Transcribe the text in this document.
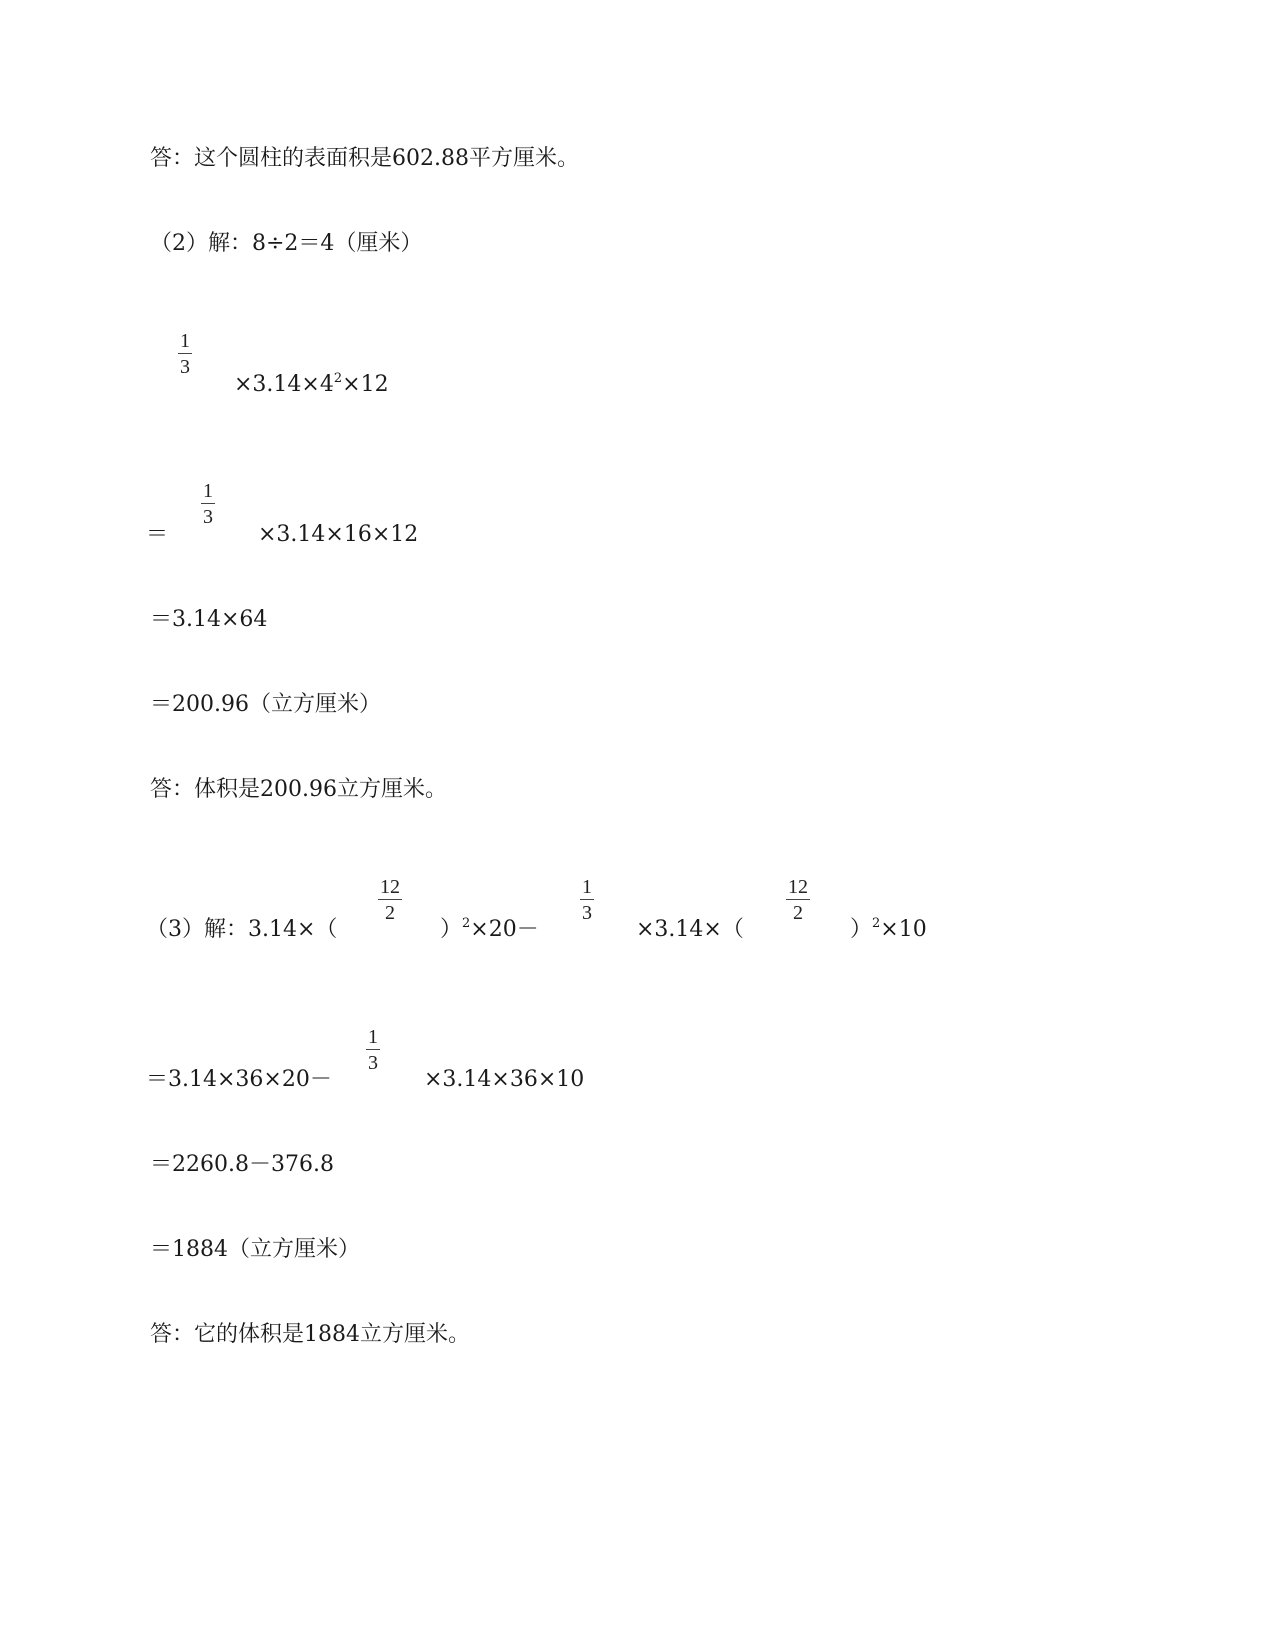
答：这个圆柱的表面积是602.88平方厘米。
（2）解：8÷2＝4（厘米）
1
3
$\times 3.14\times 4^2\times 12$
＝
1
3
×3.14×16×12
＝3.14×64
＝200.96（立方厘米）
答：体积是200.96立方厘米。
（3）解：3.14×（
12
2
）$^2$×20－
1
3
×3.14×（
12
2
）$^2$×10
＝3.14×36×20－
1
3
×3.14×36×10
＝2260.8－376.8
＝1884（立方厘米）
答：它的体积是1884立方厘米。
